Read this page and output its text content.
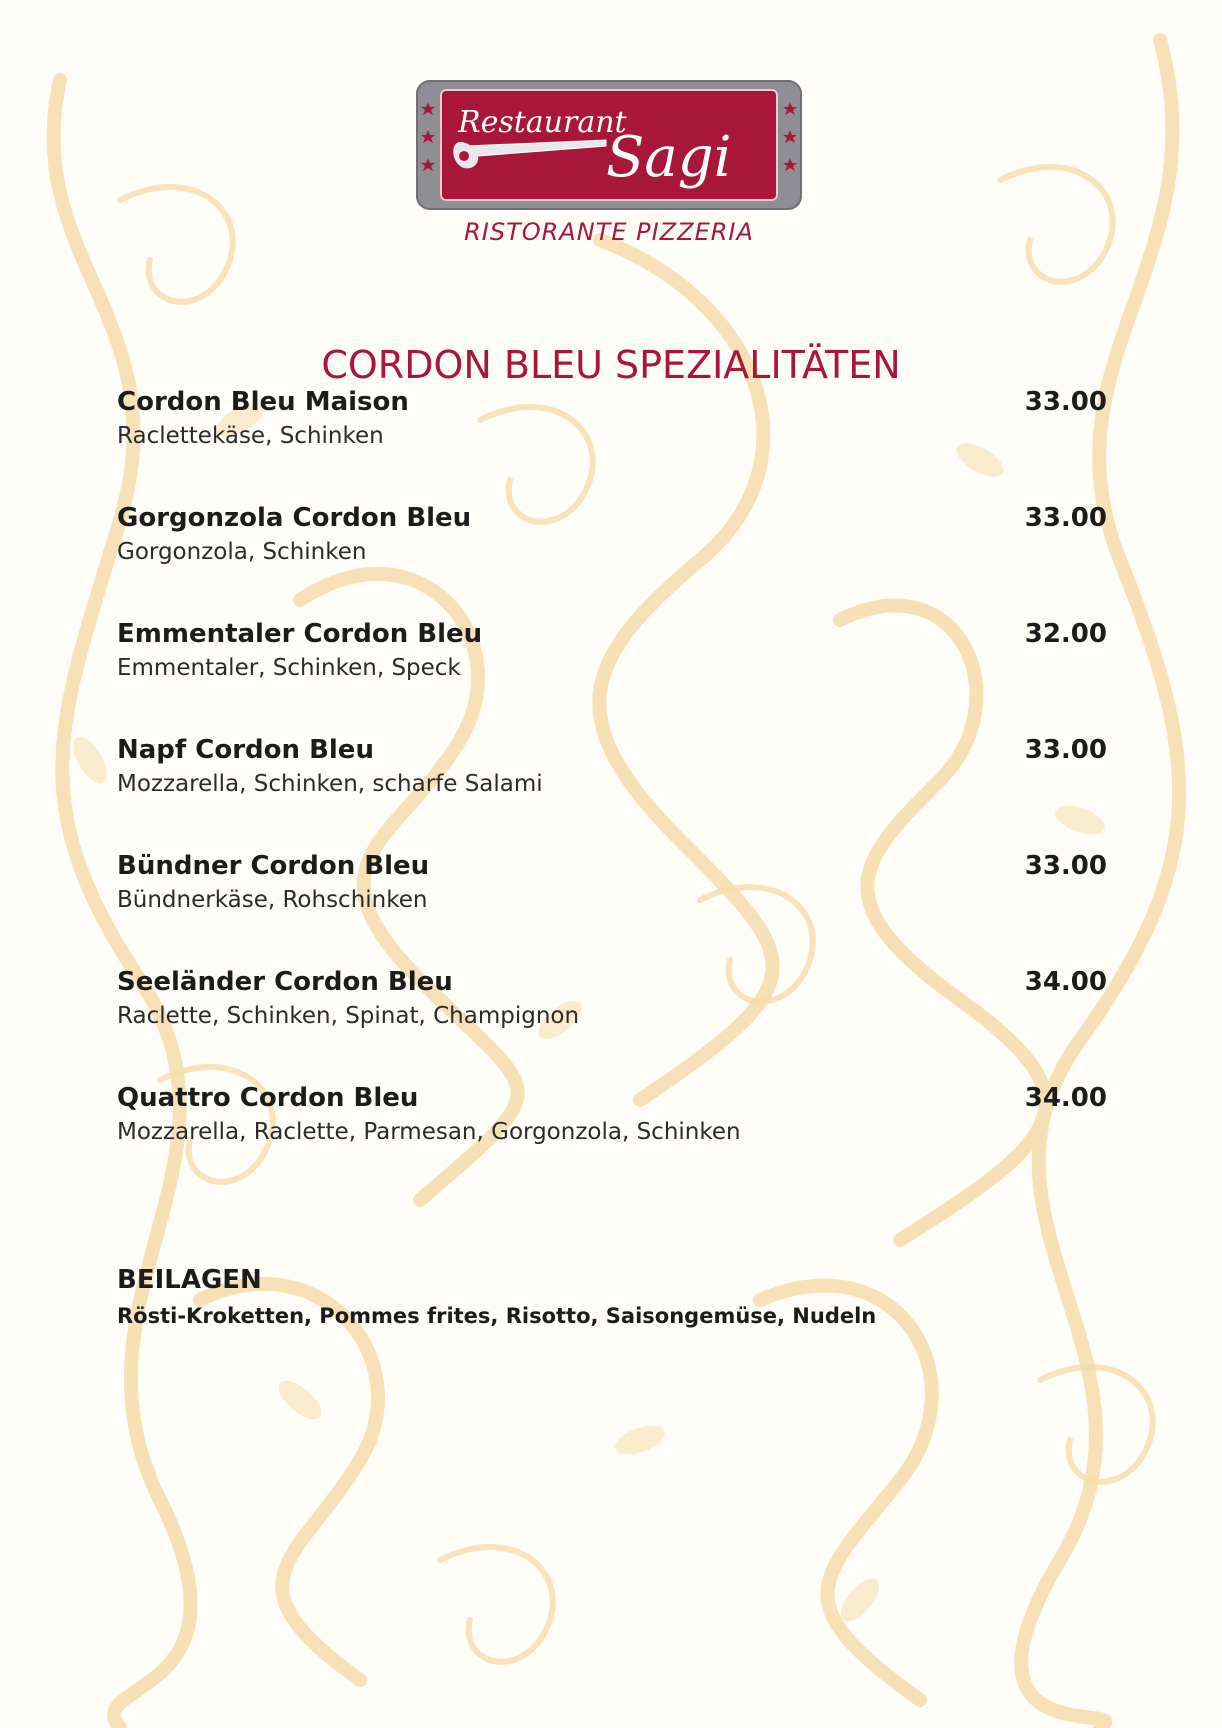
Restaurant
Sagi
RISTORANTE PIZZERIA
CORDON BLEU SPEZIALITÄTEN
Cordon Bleu Maison
Raclettekäse, Schinken
33.00
Gorgonzola Cordon Bleu
Gorgonzola, Schinken
33.00
Emmentaler Cordon Bleu
Emmentaler, Schinken, Speck
32.00
Napf Cordon Bleu
Mozzarella, Schinken, scharfe Salami
33.00
Bündner Cordon Bleu
Bündnerkäse, Rohschinken
33.00
Seeländer Cordon Bleu
Raclette, Schinken, Spinat, Champignon
34.00
Quattro Cordon Bleu
Mozzarella, Raclette, Parmesan, Gorgonzola, Schinken
34.00
BEILAGEN
Rösti-Kroketten, Pommes frites, Risotto, Saisongemüse, Nudeln
